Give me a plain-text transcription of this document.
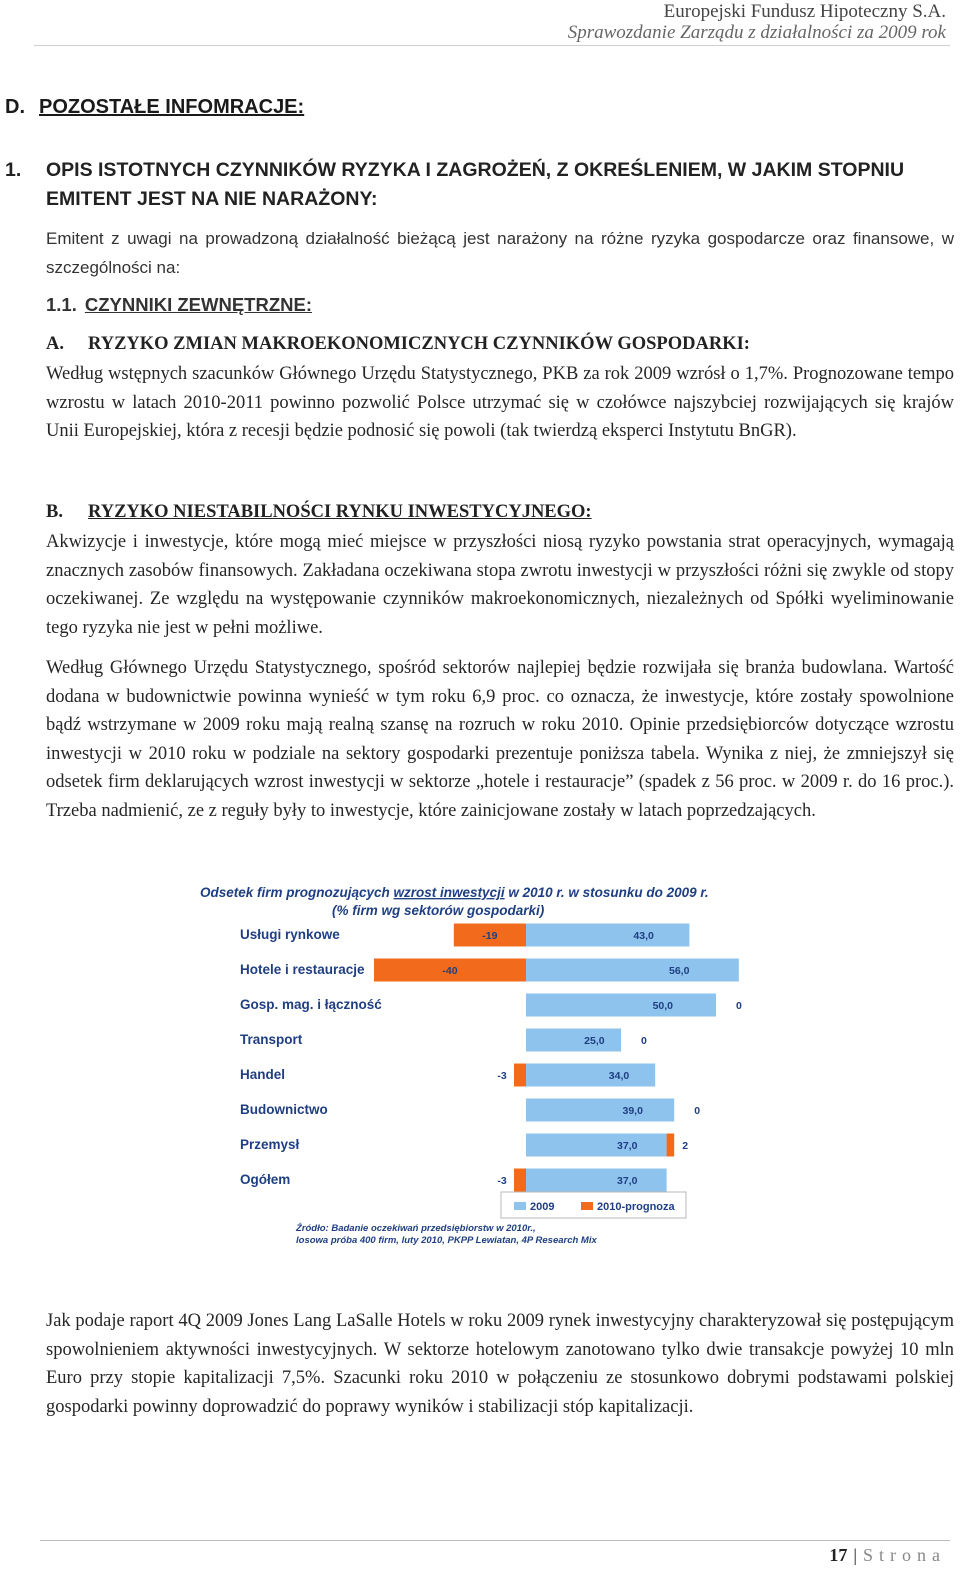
Europejski Fundusz Hipoteczny S.A.
Sprawozdanie Zarządu z działalności za 2009 rok
D. POZOSTAŁE INFOMRACJE:
1. OPIS ISTOTNYCH CZYNNIKÓW RYZYKA I ZAGROŻEŃ, Z OKREŚLENIEM, W JAKIM STOPNIU EMITENT JEST NA NIE NARAŻONY:
Emitent z uwagi na prowadzoną działalność bieżącą jest narażony na różne ryzyka gospodarcze oraz finansowe, w szczególności na:
1.1. CZYNNIKI ZEWNĘTRZNE:
A. RYZYKO ZMIAN MAKROEKONOMICZNYCH CZYNNIKÓW GOSPODARKI:
Według wstępnych szacunków Głównego Urzędu Statystycznego, PKB za rok 2009 wzrósł o 1,7%. Prognozowane tempo wzrostu w latach 2010-2011 powinno pozwolić Polsce utrzymać się w czołówce najszybciej rozwijających się krajów Unii Europejskiej, która z recesji będzie podnosić się powoli (tak twierdzą eksperci Instytutu BnGR).
B. RYZYKO NIESTABILNOŚCI RYNKU INWESTYCYJNEGO:
Akwizycje i inwestycje, które mogą mieć miejsce w przyszłości niosą ryzyko powstania strat operacyjnych, wymagają znacznych zasobów finansowych. Zakładana oczekiwana stopa zwrotu inwestycji w przyszłości różni się zwykle od stopy oczekiwanej. Ze względu na występowanie czynników makroekonomicznych, niezależnych od Spółki wyeliminowanie tego ryzyka nie jest w pełni możliwe.
Według Głównego Urzędu Statystycznego, spośród sektorów najlepiej będzie rozwijała się branża budowlana. Wartość dodana w budownictwie powinna wynieść w tym roku 6,9 proc. co oznacza, że inwestycje, które zostały spowolnione bądź wstrzymane w 2009 roku mają realną szansę na rozruch w roku 2010. Opinie przedsiębiorców dotyczące wzrostu inwestycji w 2010 roku w podziale na sektory gospodarki prezentuje poniższa tabela. Wynika z niej, że zmniejszył się odsetek firm deklarujących wzrost inwestycji w sektorze „hotele i restauracje” (spadek z 56 proc. w 2009 r. do 16 proc.). Trzeba nadmienić, ze z reguły były to inwestycje, które zainicjowane zostały w latach poprzedzających.
Odsetek firm prognozujących wzrost inwestycji w 2010 r. w stosunku do 2009 r.
(% firm wg sektorów gospodarki)
Usługi rynkowe	43,0
-19
Hotele i restauracje	56,0
-40
Gosp. mag. i łączność	50,0	0
Transport	25,0	0
Handel	34,0
-3
Budownictwo	39,0	0
Przemysł	37,0	2
Ogółem	37,0
-3
2009	2010-prognoza
Źródło: Badanie oczekiwań przedsiębiorstw w 2010r.,
losowa próba 400 firm, luty 2010, PKPP Lewiatan, 4P Research Mix
Jak podaje raport 4Q 2009 Jones Lang LaSalle Hotels w roku 2009 rynek inwestycyjny charakteryzował się postępującym spowolnieniem aktywności inwestycyjnych. W sektorze hotelowym zanotowano tylko dwie transakcje powyżej 10 mln Euro przy stopie kapitalizacji 7,5%. Szacunki roku 2010 w połączeniu ze stosunkowo dobrymi podstawami polskiej gospodarki powinny doprowadzić do poprawy wyników i stabilizacji stóp kapitalizacji.
17 | Strona
